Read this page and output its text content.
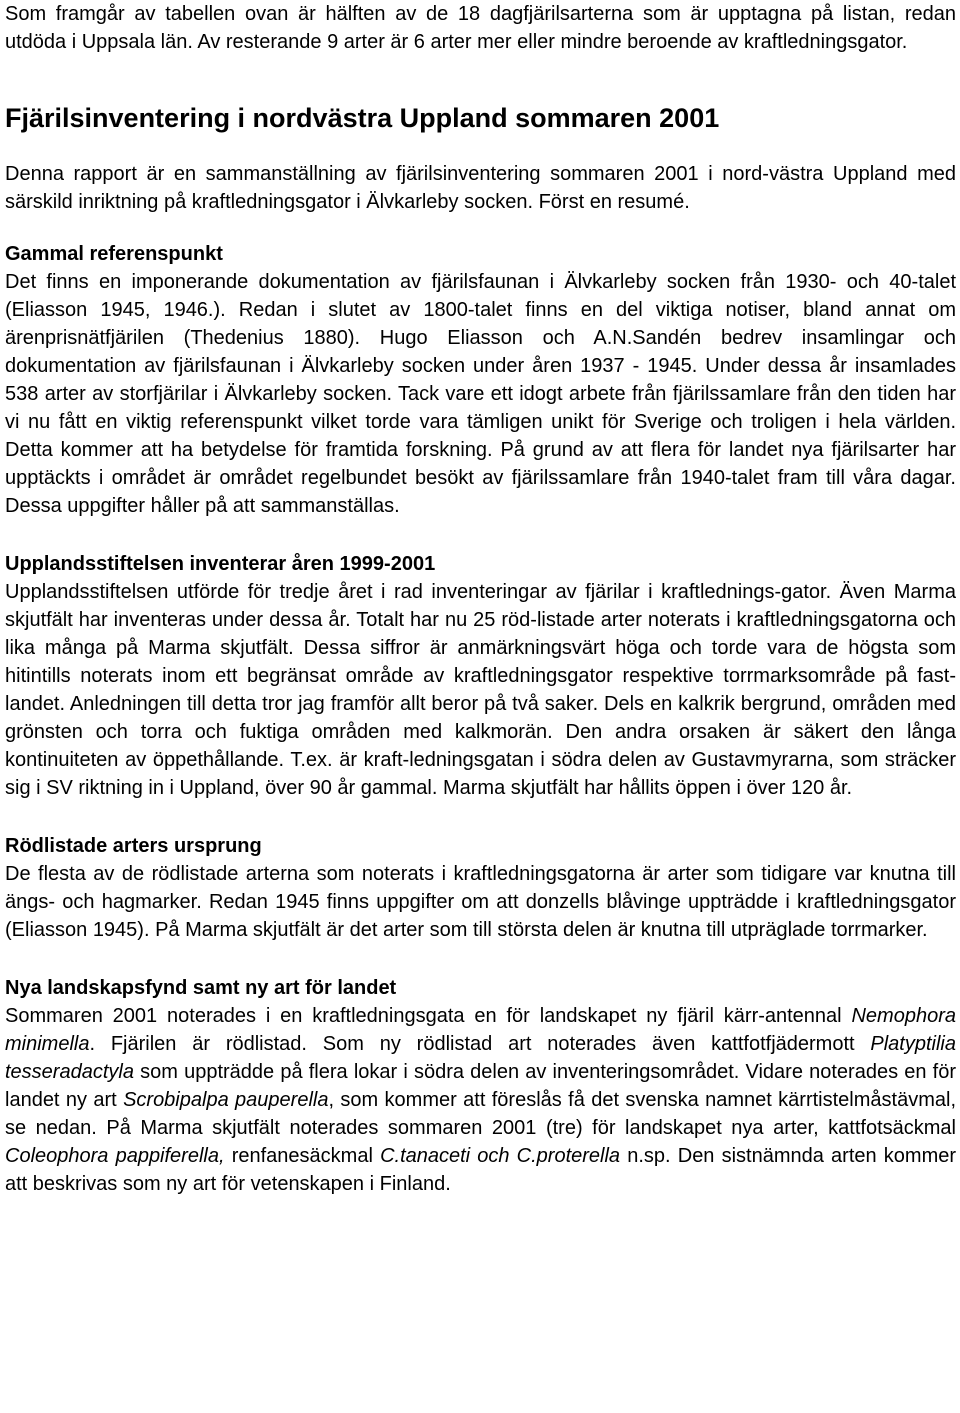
Som framgår av tabellen ovan är hälften av de 18 dagfjärilsarterna som är upptagna på listan, redan utdöda i Uppsala län. Av resterande 9 arter är 6 arter mer eller mindre beroende av kraftledningsgator.

Fjärilsinventering i nordvästra Uppland sommaren 2001

Denna rapport är en sammanställning av fjärilsinventering sommaren 2001 i nord-västra Uppland med särskild inriktning på kraftledningsgator i Älvkarleby socken. Först en resumé.

Gammal referenspunkt

Det finns en imponerande dokumentation av fjärilsfaunan i Älvkarleby socken från 1930- och 40-talet (Eliasson 1945, 1946.). Redan i slutet av 1800-talet finns en del viktiga notiser, bland annat om ärenprisnätfjärilen (Thedenius 1880). Hugo Eliasson och A.N.Sandén bedrev insamlingar och dokumentation av fjärilsfaunan i Älvkarleby socken under åren 1937 - 1945. Under dessa år insamlades 538 arter av storfjärilar i Älvkarleby socken. Tack vare ett idogt arbete från fjärilssamlare från den tiden har vi nu fått en viktig referenspunkt vilket torde vara tämligen unikt för Sverige och troligen i hela världen. Detta kommer att ha betydelse för framtida forskning. På grund av att flera för landet nya fjärilsarter har upptäckts i området är området regelbundet besökt av fjärilssamlare från 1940-talet fram till våra dagar. Dessa uppgifter håller på att sammanställas.

Upplandsstiftelsen inventerar åren 1999-2001

Upplandsstiftelsen utförde för tredje året i rad inventeringar av fjärilar i kraftlednings-gator. Även Marma skjutfält har inventeras under dessa år. Totalt har nu 25 röd-listade arter noterats i kraftledningsgatorna och lika många på Marma skjutfält. Dessa siffror är anmärkningsvärt höga och torde vara de högsta som hitintills noterats inom ett begränsat område av kraftledningsgator respektive torrmarksområde på fast-landet. Anledningen till detta tror jag framför allt beror på två saker. Dels en kalkrik bergrund, områden med grönsten och torra och fuktiga områden med kalkmorän. Den andra orsaken är säkert den långa kontinuiteten av öppethållande. T.ex. är kraft-ledningsgatan i södra delen av Gustavmyrarna, som sträcker sig i SV riktning in i Uppland, över 90 år gammal. Marma skjutfält har hållits öppen i över 120 år.

Rödlistade arters ursprung

De flesta av de rödlistade arterna som noterats i kraftledningsgatorna är arter som tidigare var knutna till ängs- och hagmarker. Redan 1945 finns uppgifter om att donzells blåvinge uppträdde i kraftledningsgator (Eliasson 1945). På Marma skjutfält är det arter som till största delen är knutna till utpräglade torrmarker.

Nya landskapsfynd samt ny art för landet

Sommaren 2001 noterades i en kraftledningsgata en för landskapet ny fjäril kärr-antennal Nemophora minimella. Fjärilen är rödlistad. Som ny rödlistad art noterades även kattfotfjädermott Platyptilia tesseradactyla som uppträdde på flera lokar i södra delen av inventeringsområdet. Vidare noterades en för landet ny art Scrobipalpa pauperella, som kommer att föreslås få det svenska namnet kärrtistelmåstävmal, se nedan. På Marma skjutfält noterades sommaren 2001 (tre) för landskapet nya arter, kattfotsäckmal Coleophora pappiferella, renfanesäckmal C.tanaceti och C.proterella n.sp. Den sistnämnda arten kommer att beskrivas som ny art för vetenskapen i Finland.
